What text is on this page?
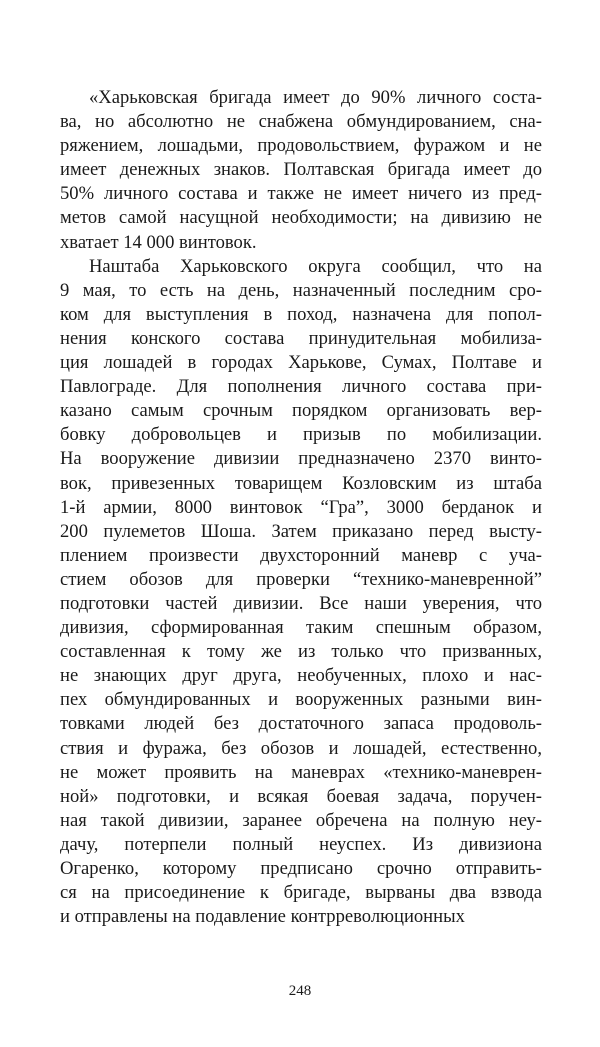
«Харьковская бригада имеет до 90% личного соста-
ва, но абсолютно не снабжена обмундированием, сна-
ряжением, лошадьми, продовольствием, фуражом и не
имеет денежных знаков. Полтавская бригада имеет до
50% личного состава и также не имеет ничего из пред-
метов самой насущной необходимости; на дивизию не
хватает 14 000 винтовок.
Наштаба Харьковского округа сообщил, что на
9 мая, то есть на день, назначенный последним сро-
ком для выступления в поход, назначена для попол-
нения конского состава принудительная мобилиза-
ция лошадей в городах Харькове, Сумах, Полтаве и
Павлограде. Для пополнения личного состава при-
казано самым срочным порядком организовать вер-
бовку добровольцев и призыв по мобилизации.
На вооружение дивизии предназначено 2370 винто-
вок, привезенных товарищем Козловским из штаба
1-й армии, 8000 винтовок “Гра”, 3000 берданок и
200 пулеметов Шоша. Затем приказано перед высту-
плением произвести двухсторонний маневр с уча-
стием обозов для проверки “технико-маневренной”
подготовки частей дивизии. Все наши уверения, что
дивизия, сформированная таким спешным образом,
составленная к тому же из только что призванных,
не знающих друг друга, необученных, плохо и нас-
пех обмундированных и вооруженных разными вин-
товками людей без достаточного запаса продоволь-
ствия и фуража, без обозов и лошадей, естественно,
не может проявить на маневрах «технико-маневрен-
ной» подготовки, и всякая боевая задача, поручен-
ная такой дивизии, заранее обречена на полную неу-
дачу, потерпели полный неуспех. Из дивизиона
Огаренко, которому предписано срочно отправить-
ся на присоединение к бригаде, вырваны два взвода
и отправлены на подавление контрреволюционных
248
